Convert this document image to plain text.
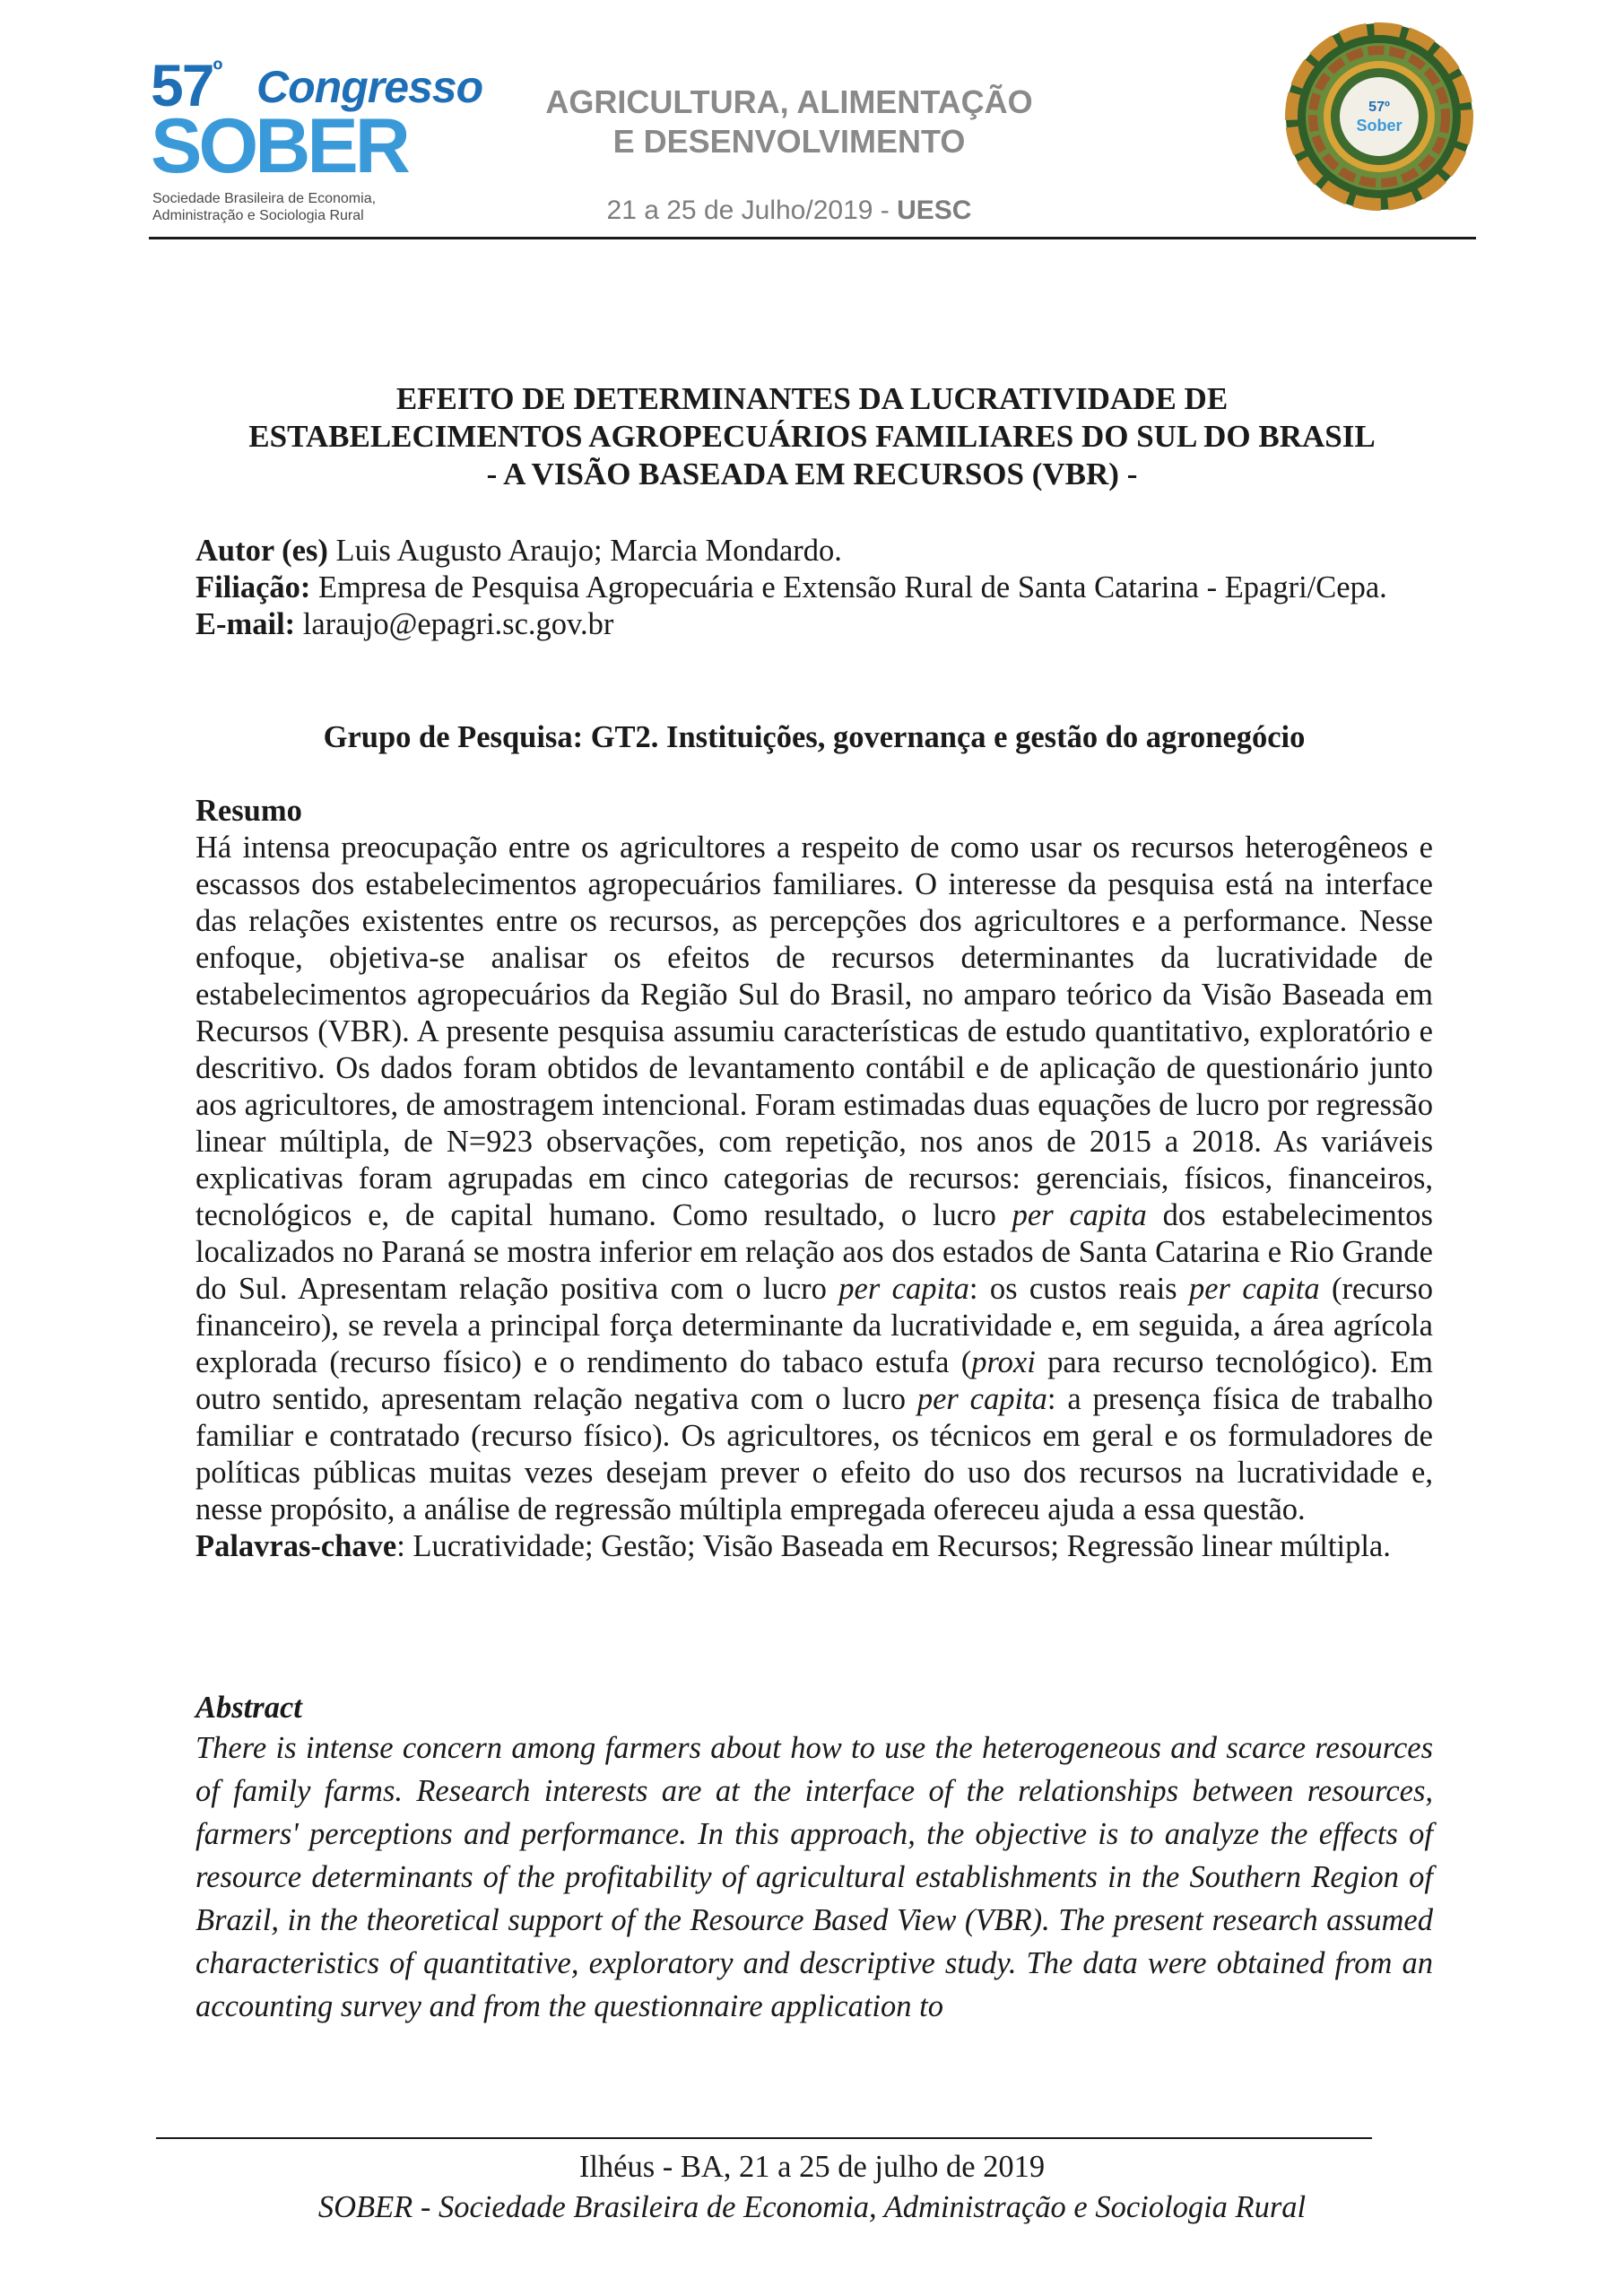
$57^º$ Congresso
SOBER
Sociedade Brasileira de Economia,
Administração e Sociologia Rural
AGRICULTURA, ALIMENTAÇÃO
E DESENVOLVIMENTO
21 a 25 de Julho/2019 - UESC
57º
Sober
EFEITO DE DETERMINANTES DA LUCRATIVIDADE DE
ESTABELECIMENTOS AGROPECUÁRIOS FAMILIARES DO SUL DO BRASIL
- A VISÃO BASEADA EM RECURSOS (VBR) -
Autor (es) Luis Augusto Araujo; Marcia Mondardo.
Filiação: Empresa de Pesquisa Agropecuária e Extensão Rural de Santa Catarina - Epagri/Cepa.
E-mail: laraujo@epagri.sc.gov.br
Grupo de Pesquisa: GT2. Instituições, governança e gestão do agronegócio
Resumo
Há intensa preocupação entre os agricultores a respeito de como usar os recursos heterogêneos e escassos dos estabelecimentos agropecuários familiares. O interesse da pesquisa está na interface das relações existentes entre os recursos, as percepções dos agricultores e a performance. Nesse enfoque, objetiva-se analisar os efeitos de recursos determinantes da lucratividade de estabelecimentos agropecuários da Região Sul do Brasil, no amparo teórico da Visão Baseada em Recursos (VBR). A presente pesquisa assumiu características de estudo quantitativo, exploratório e descritivo. Os dados foram obtidos de levantamento contábil e de aplicação de questionário junto aos agricultores, de amostragem intencional. Foram estimadas duas equações de lucro por regressão linear múltipla, de N=923 observações, com repetição, nos anos de 2015 a 2018. As variáveis explicativas foram agrupadas em cinco categorias de recursos: gerenciais, físicos, financeiros, tecnológicos e, de capital humano. Como resultado, o lucro per capita dos estabelecimentos localizados no Paraná se mostra inferior em relação aos dos estados de Santa Catarina e Rio Grande do Sul. Apresentam relação positiva com o lucro per capita: os custos reais per capita (recurso financeiro), se revela a principal força determinante da lucratividade e, em seguida, a área agrícola explorada (recurso físico) e o rendimento do tabaco estufa (proxi para recurso tecnológico). Em outro sentido, apresentam relação negativa com o lucro per capita: a presença física de trabalho familiar e contratado (recurso físico). Os agricultores, os técnicos em geral e os formuladores de políticas públicas muitas vezes desejam prever o efeito do uso dos recursos na lucratividade e, nesse propósito, a análise de regressão múltipla empregada ofereceu ajuda a essa questão.
Palavras-chave: Lucratividade; Gestão; Visão Baseada em Recursos; Regressão linear múltipla.
Abstract
There is intense concern among farmers about how to use the heterogeneous and scarce resources of family farms. Research interests are at the interface of the relationships between resources, farmers' perceptions and performance. In this approach, the objective is to analyze the effects of resource determinants of the profitability of agricultural establishments in the Southern Region of Brazil, in the theoretical support of the Resource Based View (VBR). The present research assumed characteristics of quantitative, exploratory and descriptive study. The data were obtained from an accounting survey and from the questionnaire application to
Ilhéus - BA, 21 a 25 de julho de 2019
SOBER - Sociedade Brasileira de Economia, Administração e Sociologia Rural
